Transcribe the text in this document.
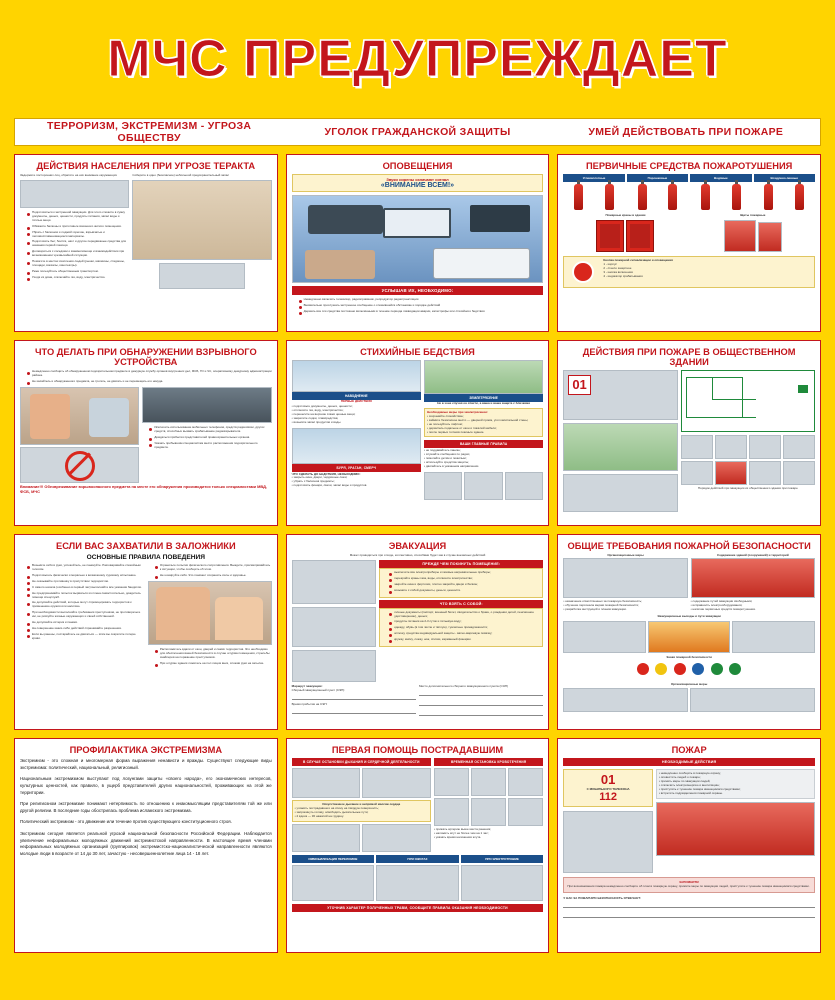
МЧС ПРЕДУПРЕЖДАЕТ
ТЕРРОРИЗМ, ЭКСТРЕМИЗМ - УГРОЗА ОБЩЕСТВУ	УГОЛОК ГРАЖДАНСКОЙ ЗАЩИТЫ	УМЕЙ ДЕЙСТВОВАТЬ ПРИ ПОЖАРЕ
ДЕЙСТВИЯ НАСЕЛЕНИЯ ПРИ УГРОЗЕ ТЕРАКТА
Задержите посторонних лиц, обратите на них внимание окружающих
Подготовиться к экстренной эвакуации. Для этого сложите в сумку документы, деньги, ценности, продукты питания, запас воды и тёплые вещи.
Обвяжите балконы и приготовьте воконного жилого помещения.
Убрать с балконов и лоджий горючие, взрывчатые и легковоспламеняющиеся материалы.
Подготовить быт, боится, нагл и другие передвижные средства для оказания первой помощи.
Договориться с соседями о взаимопомощи и взаимодействии при возникновении чрезвычайной ситуации.
Помогите в местах скопления людей (рынки, магазины, стадионы, площади, вокзалы, кинотеатры).
Реже пользуйтесь общественным транспортом.
Уходя из дома, отключайте газ, воду, электричество.
Соберите в одно (безопасное) небольшой предохранительный запас
ОПОВЕЩЕНИЯ
Звуки сирены означают сигнал
«ВНИМАНИЕ ВСЕМ!»
УСЛЫШАВ ИХ, НЕОБХОДИМО:
Немедленно включить телевизор, радиоприёмник, репродуктор радиотрансляции
Внимательно прослушать экстренное сообщение о сложившейся обстановке и порядке действий
Держать все эти средства постоянно включёнными в течение периода ликвидации аварии, катастрофы или стихийного бедствия
ПЕРВИЧНЫЕ СРЕДСТВА ПОЖАРОТУШЕНИЯ
Углекислотные	Порошковые	Водяные	Воздушно-пенные
Пожарные краны в здании	Щиты пожарные
Кнопка пожарной сигнализации и оповещения
1 - корпус
2 - стекло защитное
3 - кнопка включения
4 - индикатор срабатывания
ЧТО ДЕЛАТЬ ПРИ ОБНАРУЖЕНИИ ВЗРЫВНОГО УСТРОЙСТВА
Немедленно сообщить об обнаруженном подозрительном предмете в дежурную службу органов внутренних дел, ФСБ, ГО и ЧС, оперативному дежурному администрации района.
Не касайтесь и обнаруженного предмета, не трогать, не двигать и не перемещать его никуда.
Исключить использование мобильных телефонов, средств радиосвязи, других средств, способных вызвать срабатывание радиовзрывателя.
Дождаться прибытия представителей правоохранительных органов.
Указать прибывшим специалистам место расположения подозрительного предмета.
Внимание!!! Обезвреживание взрывоопасного предмета на месте его обнаружения производится только специалистами МВД, ФСБ, МЧС
СТИХИЙНЫЕ БЕДСТВИЯ
НАВОДНЕНИЕ
ПЕРВЫЕ ДЕЙСТВИЯ
• подготовьте документы, деньги, ценности;
• отключите газ, воду, электричество;
• перенесите на верхние этажи ценные вещи;
• закрепите лодки, плавсредства;
• возьмите запас продуктов и воды.
БУРЯ, УРАГАН, СМЕРЧ
ЧТО СДЕЛАТЬ ДО БЕДСТВИЯ, НЕОБХОДИМО:
• закрыть окна, двери, чердачные люки;
• убрать с балконов предметы;
• подготовить фонари, свечи, запас воды и продуктов.
ЗЕМЛЕТРЯСЕНИЕ
Не в зоне случая он спасти, а ваша и ваша защита с близкими
Необходимые меры при землетрясении:
• сохраняйте спокойствие;
• займите безопасное место — дверной проём, угол капитальной стены;
• не пользуйтесь лифтом;
• держитесь подальше от окон и тяжёлой мебели;
• после первых толчков покиньте здание.
ВАШИ ГЛАВНЫЕ ПРАВИЛА
• не поддавайтесь панике;
• слушайте сообщения по радио;
• помогайте детям и пожилым;
• используйте средства защиты;
• двигайтесь в указанном направлении.
ДЕЙСТВИЯ ПРИ ПОЖАРЕ В ОБЩЕСТВЕННОМ ЗДАНИИ
01
Порядок действий при эвакуации из общественного здания при пожаре
ЕСЛИ ВАС ЗАХВАТИЛИ В ЗАЛОЖНИКИ
ОСНОВНЫЕ ПРАВИЛА ПОВЕДЕНИЯ
Возьмите себя в руки, успокойтесь, не паникуйте. Разговаривайте спокойным голосом.
Подготовьтесь физически и морально к возможному суровому испытанию.
Не оказывайте противнику в присутствии террористов.
С самого начала (особенно в первый час) выполняйте все указания бандитов.
Не предпринимайте попыток вырваться из плена самостоятельно, дождитесь помощи спецслужб.
Не допускайте действий, которые могут спровоцировать террористов к применению оружия или насилию.
При необходимости выполняйте требования преступников, не противоречьте им, не рискуйте жизнью окружающих и своей собственной.
Не допускайте истерик и паники.
На совершение каких-либо действий спрашивайте разрешения.
Если вы ранены, постарайтесь не двигаться — этим вы сократите потерю крови.
Ограничьте попытки физического сопротивления. Выждите, присматривайтесь к ситуации, чтобы сообщить об этом.
Не шокируйте себя. Это поможет сохранить силы и здоровье.
Расположитесь вдали от окон, дверей и самих террористов. Это необходимо для обеспечения вашей безопасности в случае штурма помещения, стрельбы снайперов на поражение преступников.
При штурме здания ложитесь на пол лицом вниз, сложив руки на затылке.
ЭВАКУАЦИЯ
Может проводиться при отходе, коллективно, способами будет как в случае внезапных действий
ПРЕЖДЕ ЧЕМ ПОКИНУТЬ ПОМЕЩЕНИЕ:
выключите все электроприборы и газовые нагревательные приборы;
перекройте краны газа, воды, отключите электричество;
закройте окна и форточки, плотно закройте двери и балкон;
возьмите с собой документы, деньги, ценности.
ЧТО ВЗЯТЬ С СОБОЙ:
личные документы (паспорт, военный билет, свидетельство о браке, о рождении детей, пенсионное удостоверение), деньги;
продукты питания на 2-3 суток и питьевую воду;
одежду, обувь (в том числе и тёплую), туалетные принадлежности;
аптечку, средства индивидуальной защиты - ватно-марлевую повязку;
кружку, миску, ложку, нож, спички, карманный фонарик.
Маршрут эвакуации:
Сборный эвакуационный пункт (СЭП):
Время прибытия на СЭП:
Место дополнительного сборного эвакуационного пункта (СЭП)
ОБЩИЕ ТРЕБОВАНИЯ ПОЖАРНОЙ БЕЗОПАСНОСТИ
Организационные меры
• назначение ответственных за пожарную безопасность;
• обучение персонала мерам пожарной безопасности;
• разработка инструкций и планов эвакуации.
Содержание зданий (сооружений) и территорий
• содержание путей эвакуации свободными;
• исправность электрооборудования;
• наличие первичных средств пожаротушения.
Эвакуационные выходы и пути эвакуации
Знаки пожарной безопасности

Организационные меры
ПРОФИЛАКТИКА ЭКСТРЕМИЗМА

Экстремизм - это сложная и многомерная форма выражения ненависти и вражды. Существуют следующие виды экстремизма: политический, национальный, религиозный.

Национальным экстремизмом выступают под лозунгами защиты «своего народа», его экономических интересов, культурных ценностей, как правило, в ущерб представителей других национальностей, проживающих на этой же территории.

При религиозном экстремизме понимают нетерпимость по отношению к инакомыслящим представителям той же или другой религии. В последние годы обострилась проблема исламского экстремизма.

Политический экстремизм - это движение или течение против существующего конституционного строя.

Экстремизм сегодня является реальной угрозой национальной безопасности Российской Федерации. Наблюдается увеличение неформальных молодёжных движений экстремистской направленности. В настоящее время членами неформальных молодёжных организаций (группировок) экстремистско-националистической направленности являются молодые люди в возрасте от 14 до 30 лет, зачастую - несовершеннолетние лица 14 - 18 лет.

ПЕРВАЯ ПОМОЩЬ ПОСТРАДАВШИМ
В СЛУЧАЕ ОСТАНОВКИ ДЫХАНИЯ И СЕРДЕЧНОЙ ДЕЯТЕЛЬНОСТИ
Искусственное дыхание и непрямой массаж сердца
• уложить пострадавшего на спину на твёрдую поверхность;
• запрокинуть голову, освободить дыхательные пути;
• 2 вдоха — 30 нажатий на грудину.
ВРЕМЕННАЯ ОСТАНОВКА КРОВОТЕЧЕНИЯ
• прижать артерию выше места ранения;
• наложить жгут не более чем на 1 час;
• указать время наложения жгута.
ИММОБИЛИЗАЦИЯ ПЕРЕЛОМОВ	ПРИ ОЖОГАХ	ПРИ ЭЛЕКТРОТРАВМЕ
УТОЧНИВ ХАРАКТЕР ПОЛУЧЕННЫХ ТРАВМ, СООБЩИТЕ ПРАВИЛА ОКАЗАНИЯ НЕОБХОДИМОСТИ
ПОЖАР
НЕОБХОДИМЫЕ ДЕЙСТВИЯ
01
С МОБИЛЬНОГО ТЕЛЕФОНА
112
• немедленно сообщить в пожарную охрану;
• оповестить людей о пожаре;
• принять меры по эвакуации людей;
• отключить электроэнергию и вентиляцию;
• приступить к тушению пожара имеющимися средствами;
• встретить подразделения пожарной охраны.
ЗАПОМНИТЕ!
При возникновении пожара немедленно сообщите об этом в пожарную охрану, примите меры по эвакуации людей, приступите к тушению пожара имеющимися средствами.
У НАС ЗА ПОЖАРНУЮ БЕЗОПАСНОСТЬ ОТВЕЧАЕТ:
